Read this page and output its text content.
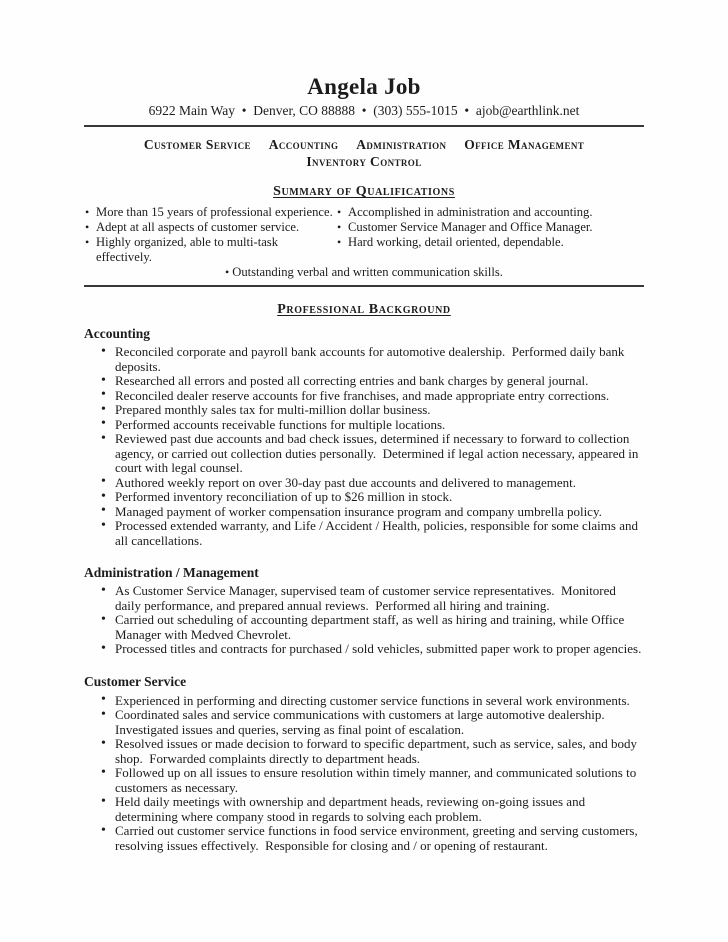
Angela Job
6922 Main Way  •  Denver, CO 88888  •  (303) 555-1015  •  ajob@earthlink.net
Customer Service Accounting Administration Office Management Inventory Control
Summary of Qualifications
• More than 15 years of professional experience.
• Adept at all aspects of customer service.
• Highly organized, able to multi-task effectively.
• Accomplished in administration and accounting.
• Customer Service Manager and Office Manager.
• Hard working, detail oriented, dependable.
• Outstanding verbal and written communication skills.
Professional Background
Accounting
• Reconciled corporate and payroll bank accounts for automotive dealership.  Performed daily bank deposits.
• Researched all errors and posted all correcting entries and bank charges by general journal.
• Reconciled dealer reserve accounts for five franchises, and made appropriate entry corrections.
• Prepared monthly sales tax for multi-million dollar business.
• Performed accounts receivable functions for multiple locations.
• Reviewed past due accounts and bad check issues, determined if necessary to forward to collection agency, or carried out collection duties personally.  Determined if legal action necessary, appeared in court with legal counsel.
• Authored weekly report on over 30-day past due accounts and delivered to management.
• Performed inventory reconciliation of up to $26 million in stock.
• Managed payment of worker compensation insurance program and company umbrella policy.
• Processed extended warranty, and Life / Accident / Health, policies, responsible for some claims and all cancellations.
Administration / Management
• As Customer Service Manager, supervised team of customer service representatives.  Monitored daily performance, and prepared annual reviews.  Performed all hiring and training.
• Carried out scheduling of accounting department staff, as well as hiring and training, while Office Manager with Medved Chevrolet.
• Processed titles and contracts for purchased / sold vehicles, submitted paper work to proper agencies.
Customer Service
• Experienced in performing and directing customer service functions in several work environments.
• Coordinated sales and service communications with customers at large automotive dealership.  Investigated issues and queries, serving as final point of escalation.
• Resolved issues or made decision to forward to specific department, such as service, sales, and body shop.  Forwarded complaints directly to department heads.
• Followed up on all issues to ensure resolution within timely manner, and communicated solutions to customers as necessary.
• Held daily meetings with ownership and department heads, reviewing on-going issues and determining where company stood in regards to solving each problem.
• Carried out customer service functions in food service environment, greeting and serving customers, resolving issues effectively.  Responsible for closing and / or opening of restaurant.
